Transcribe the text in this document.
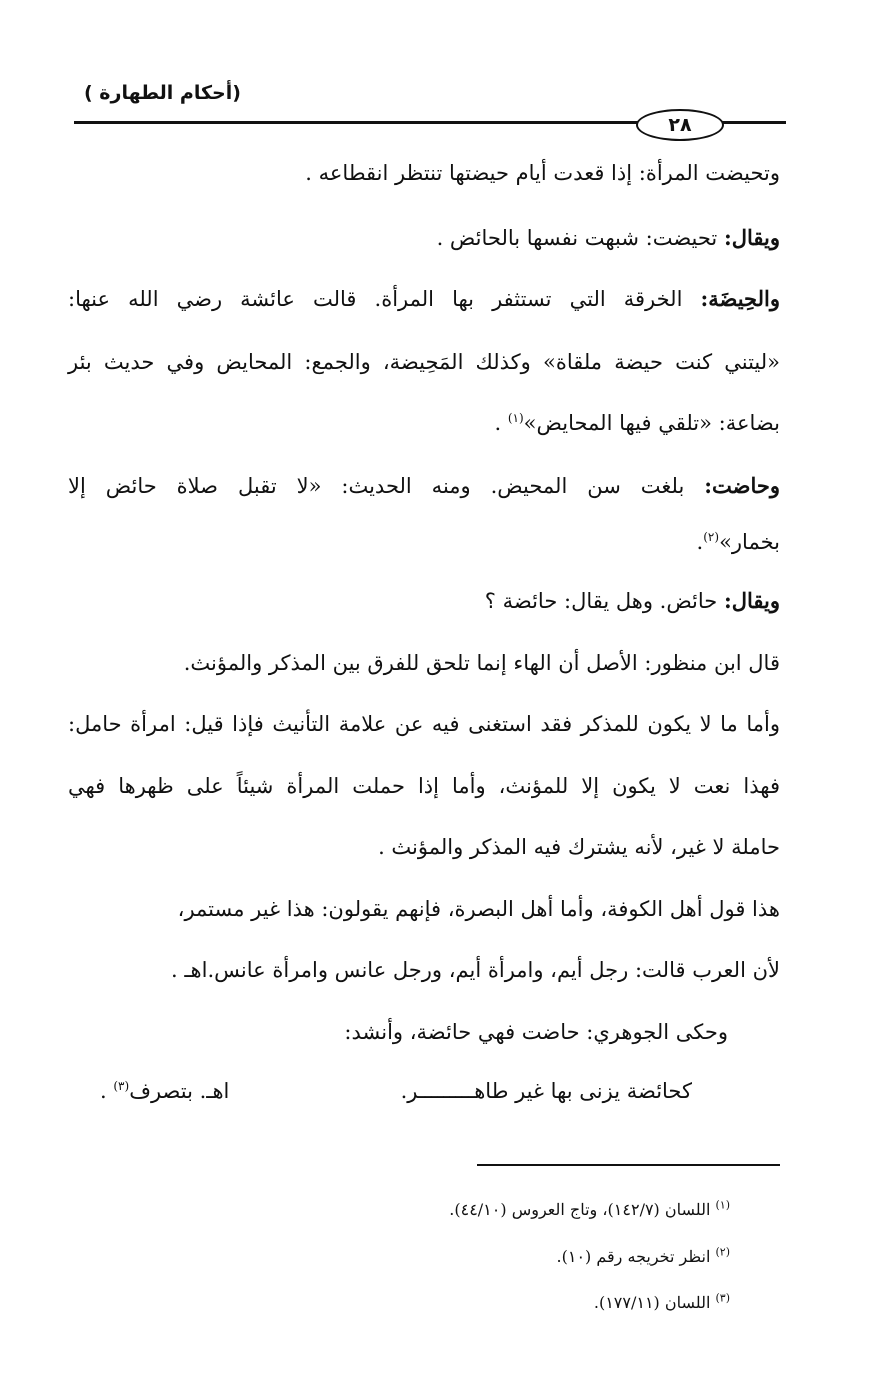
(أحكام الطهارة )
٢٨
وتحيضت المرأة: إذا قعدت أيام حيضتها تنتظر انقطاعه .
ويقال: تحيضت: شبهت نفسها بالحائض .
والحِيضَة: الخرقة التي تستثفر بها المرأة. قالت عائشة رضي الله عنها:
«ليتني كنت حيضة ملقاة» وكذلك المَحِيضة، والجمع: المحايض وفي حديث بئر
بضاعة: «تلقي فيها المحايض»$^{(١)}$ .
وحاضت: بلغت سن المحيض. ومنه الحديث: «لا تقبل صلاة حائض إلا
بخمار»$^{(٢)}$.
ويقال: حائض. وهل يقال: حائضة ؟
قال ابن منظور: الأصل أن الهاء إنما تلحق للفرق بين المذكر والمؤنث.
وأما ما لا يكون للمذكر فقد استغنى فيه عن علامة التأنيث فإذا قيل: امرأة حامل:
فهذا نعت لا يكون إلا للمؤنث، وأما إذا حملت المرأة شيئاً على ظهرها فهي
حاملة لا غير، لأنه يشترك فيه المذكر والمؤنث .
هذا قول أهل الكوفة، وأما أهل البصرة، فإنهم يقولون: هذا غير مستمر،
لأن العرب قالت: رجل أيم، وامرأة أيم، ورجل عانس وامرأة عانس.اهـ .
وحكى الجوهري: حاضت فهي حائضة، وأنشد:
كحائضة يزنى بها غير طاهـــــــــر.
اهـ. بتصرف$^{(٣)}$ .
$^{(١)}$ اللسان (١٤٢/٧)، وتاج العروس (٤٤/١٠).
$^{(٢)}$ انظر تخريجه رقم (١٠).
$^{(٣)}$ اللسان (١٧٧/١١).
